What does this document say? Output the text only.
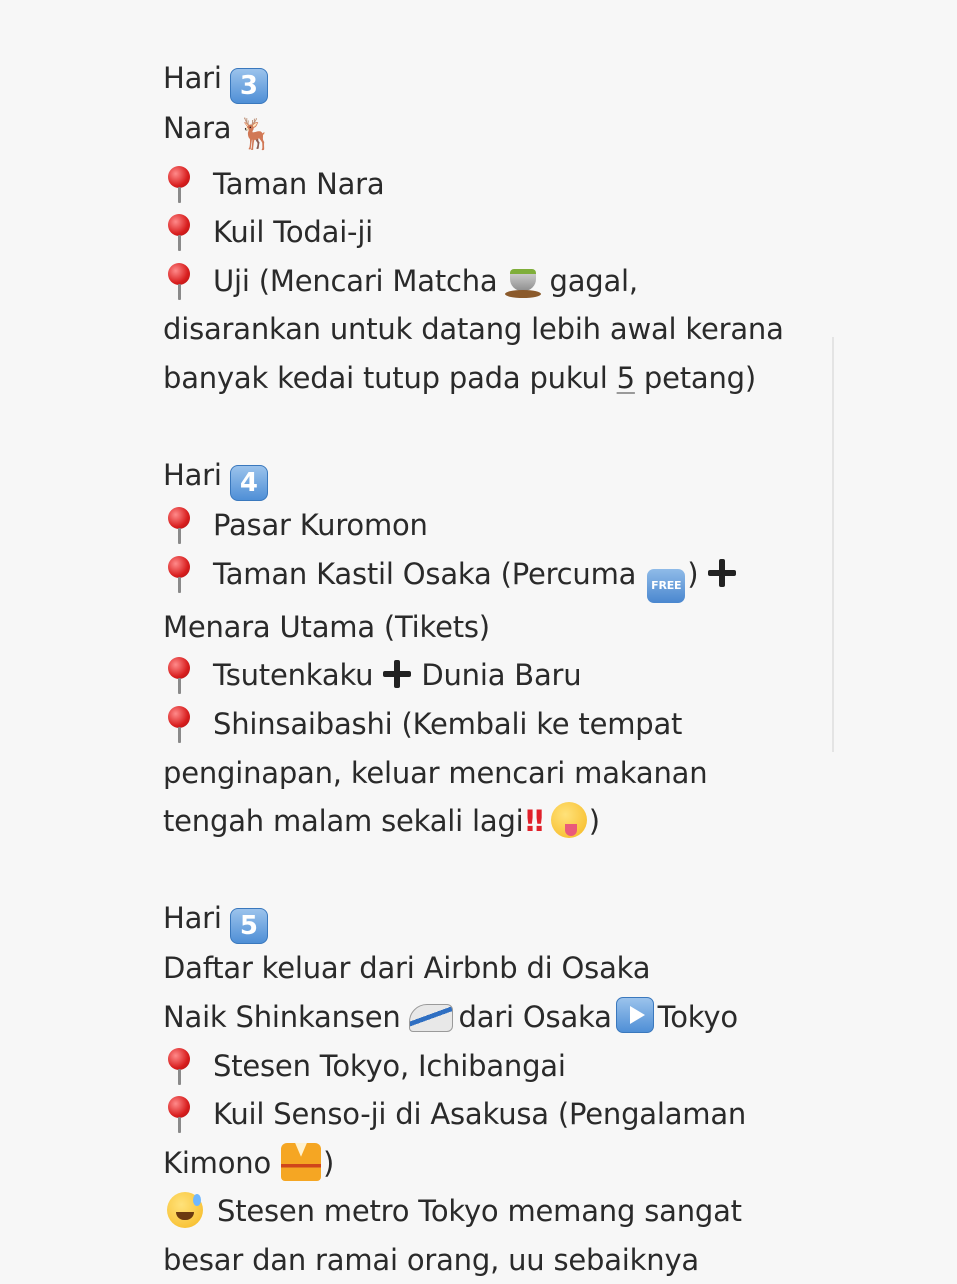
Hari 3
Nara 🦌
Taman Nara
Kuil Todai-ji
Uji (Mencari Matcha gagal,
disarankan untuk datang lebih awal kerana
banyak kedai tutup pada pukul 5 petang)
Hari 4
Pasar Kuromon
Taman Kastil Osaka (Percuma FREE )
Menara Utama (Tikets)
Tsutenkaku Dunia Baru
Shinsaibashi (Kembali ke tempat
penginapan, keluar mencari makanan
tengah malam sekali lagi‼ )
Hari 5
Daftar keluar dari Airbnb di Osaka
Naik Shinkansen dari Osaka Tokyo
Stesen Tokyo, Ichibangai
Kuil Senso-ji di Asakusa (Pengalaman
Kimono )
Stesen metro Tokyo memang sangat
besar dan ramai orang, uu sebaiknya
